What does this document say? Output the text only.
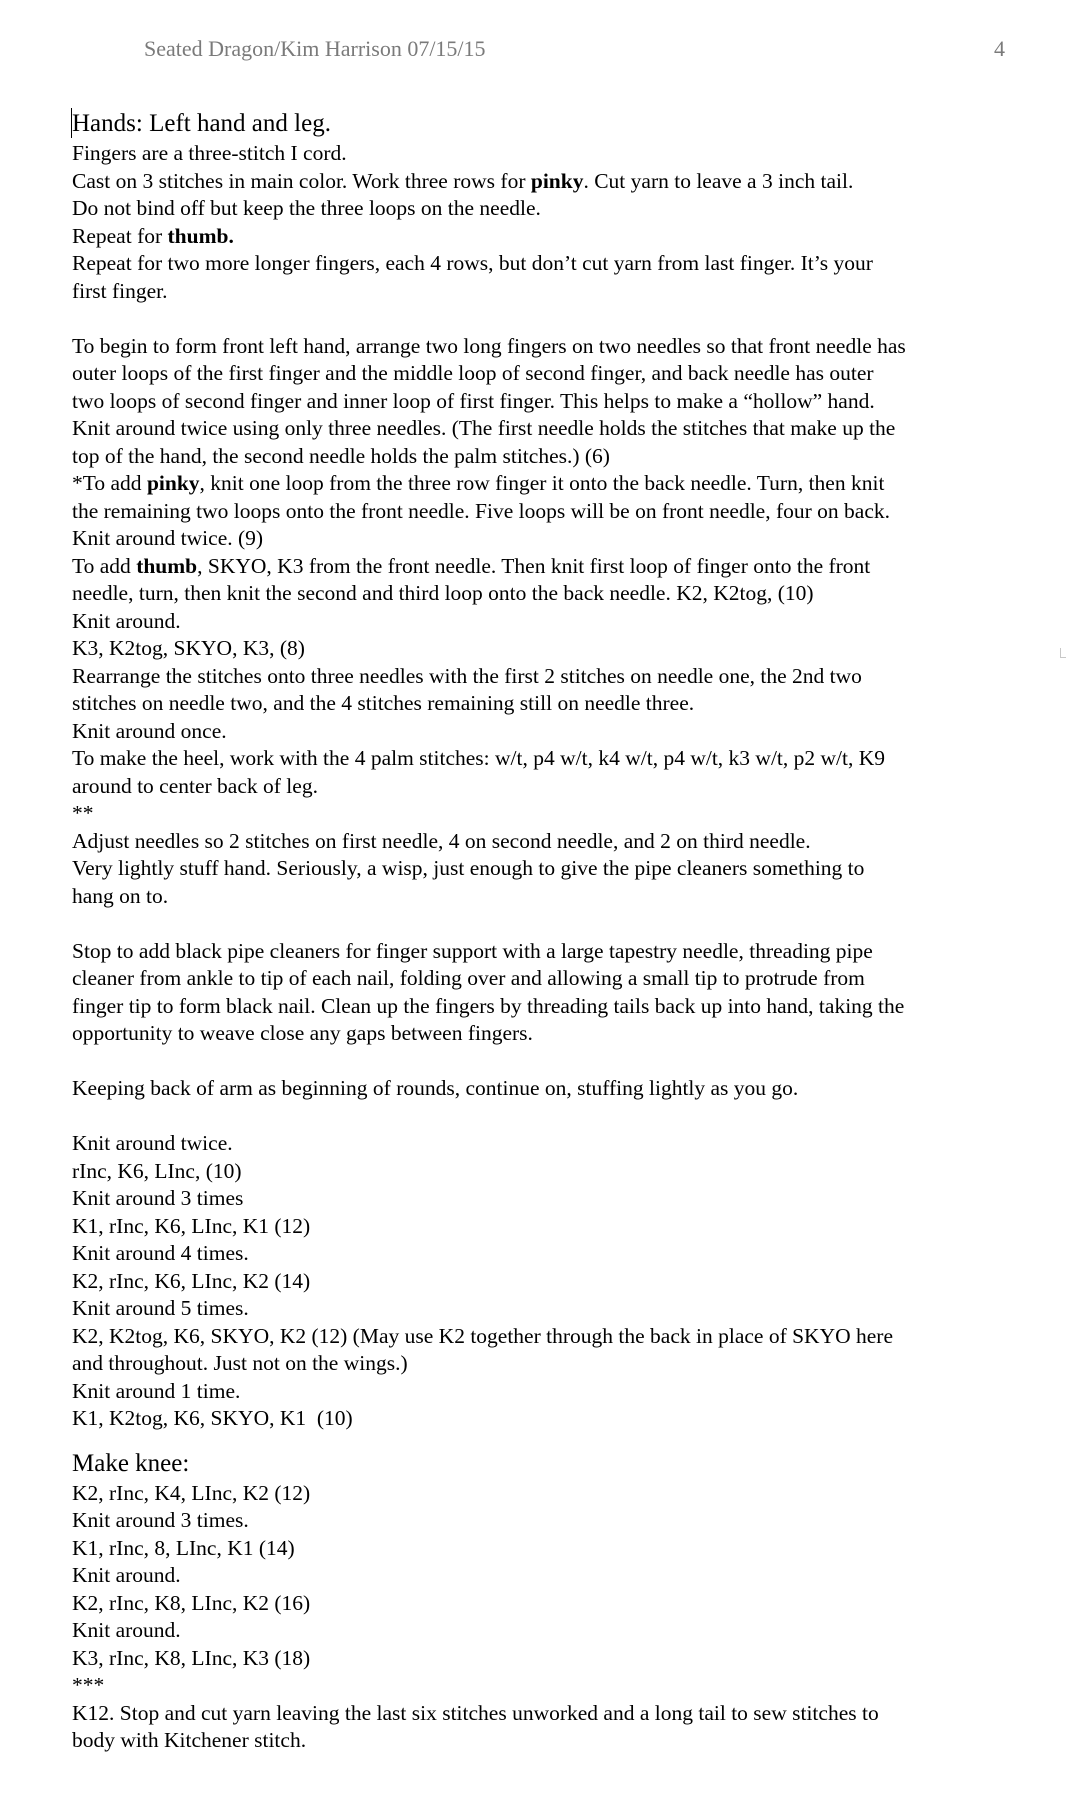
Seated Dragon/Kim Harrison 07/15/15	4
Hands: Left hand and leg.
Fingers are a three-stitch I cord.
Cast on 3 stitches in main color. Work three rows for pinky. Cut yarn to leave a 3 inch tail.
Do not bind off but keep the three loops on the needle.
Repeat for thumb.
Repeat for two more longer fingers, each 4 rows, but don’t cut yarn from last finger. It’s your
first finger.
To begin to form front left hand, arrange two long fingers on two needles so that front needle has
outer loops of the first finger and the middle loop of second finger, and back needle has outer
two loops of second finger and inner loop of first finger. This helps to make a “hollow” hand.
Knit around twice using only three needles. (The first needle holds the stitches that make up the
top of the hand, the second needle holds the palm stitches.) (6)
*To add pinky, knit one loop from the three row finger it onto the back needle. Turn, then knit
the remaining two loops onto the front needle. Five loops will be on front needle, four on back.
Knit around twice. (9)
To add thumb, SKYO, K3 from the front needle. Then knit first loop of finger onto the front
needle, turn, then knit the second and third loop onto the back needle. K2, K2tog, (10)
Knit around.
K3, K2tog, SKYO, K3, (8)
Rearrange the stitches onto three needles with the first 2 stitches on needle one, the 2nd two
stitches on needle two, and the 4 stitches remaining still on needle three.
Knit around once.
To make the heel, work with the 4 palm stitches: w/t, p4 w/t, k4 w/t, p4 w/t, k3 w/t, p2 w/t, K9
around to center back of leg.
**
Adjust needles so 2 stitches on first needle, 4 on second needle, and 2 on third needle.
Very lightly stuff hand. Seriously, a wisp, just enough to give the pipe cleaners something to
hang on to.
Stop to add black pipe cleaners for finger support with a large tapestry needle, threading pipe
cleaner from ankle to tip of each nail, folding over and allowing a small tip to protrude from
finger tip to form black nail. Clean up the fingers by threading tails back up into hand, taking the
opportunity to weave close any gaps between fingers.
Keeping back of arm as beginning of rounds, continue on, stuffing lightly as you go.
Knit around twice.
rInc, K6, LInc, (10)
Knit around 3 times
K1, rInc, K6, LInc, K1 (12)
Knit around 4 times.
K2, rInc, K6, LInc, K2 (14)
Knit around 5 times.
K2, K2tog, K6, SKYO, K2 (12) (May use K2 together through the back in place of SKYO here
and throughout. Just not on the wings.)
Knit around 1 time.
K1, K2tog, K6, SKYO, K1  (10)
Make knee:
K2, rInc, K4, LInc, K2 (12)
Knit around 3 times.
K1, rInc, 8, LInc, K1 (14)
Knit around.
K2, rInc, K8, LInc, K2 (16)
Knit around.
K3, rInc, K8, LInc, K3 (18)
***
K12. Stop and cut yarn leaving the last six stitches unworked and a long tail to sew stitches to
body with Kitchener stitch.
